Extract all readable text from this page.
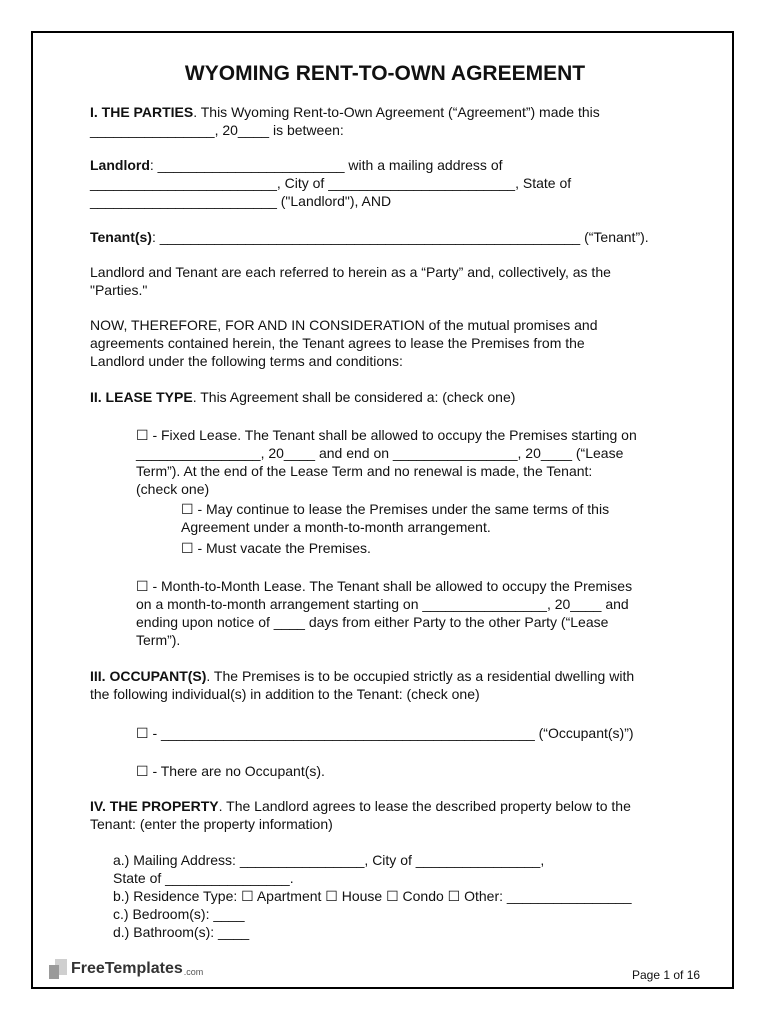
WYOMING RENT-TO-OWN AGREEMENT

I. THE PARTIES. This Wyoming Rent-to-Own Agreement (“Agreement”) made this

________________, 20____ is between:

Landlord: ________________________ with a mailing address of

________________________, City of ________________________, State of

________________________ ("Landlord"), AND

Tenant(s): ______________________________________________________ (“Tenant”).

Landlord and Tenant are each referred to herein as a “Party” and, collectively, as the

"Parties."

NOW, THEREFORE, FOR AND IN CONSIDERATION of the mutual promises and

agreements contained herein, the Tenant agrees to lease the Premises from the

Landlord under the following terms and conditions:

II. LEASE TYPE. This Agreement shall be considered a: (check one)

☐ - Fixed Lease. The Tenant shall be allowed to occupy the Premises starting on

________________, 20____ and end on ________________, 20____ (“Lease

Term”). At the end of the Lease Term and no renewal is made, the Tenant:

(check one)

☐ - May continue to lease the Premises under the same terms of this

Agreement under a month-to-month arrangement.

☐ - Must vacate the Premises.

☐ - Month-to-Month Lease. The Tenant shall be allowed to occupy the Premises

on a month-to-month arrangement starting on ________________, 20____ and

ending upon notice of ____ days from either Party to the other Party (“Lease

Term”).

III. OCCUPANT(S). The Premises is to be occupied strictly as a residential dwelling with

the following individual(s) in addition to the Tenant: (check one)

☐ - ________________________________________________ (“Occupant(s)”)

☐ - There are no Occupant(s).

IV. THE PROPERTY. The Landlord agrees to lease the described property below to the

Tenant: (enter the property information)

a.) Mailing Address: ________________, City of ________________,

State of ________________.

b.) Residence Type: ☐ Apartment ☐ House ☐ Condo ☐ Other: ________________

c.) Bedroom(s): ____

d.) Bathroom(s): ____

FreeTemplates .com	Page 1 of 16
